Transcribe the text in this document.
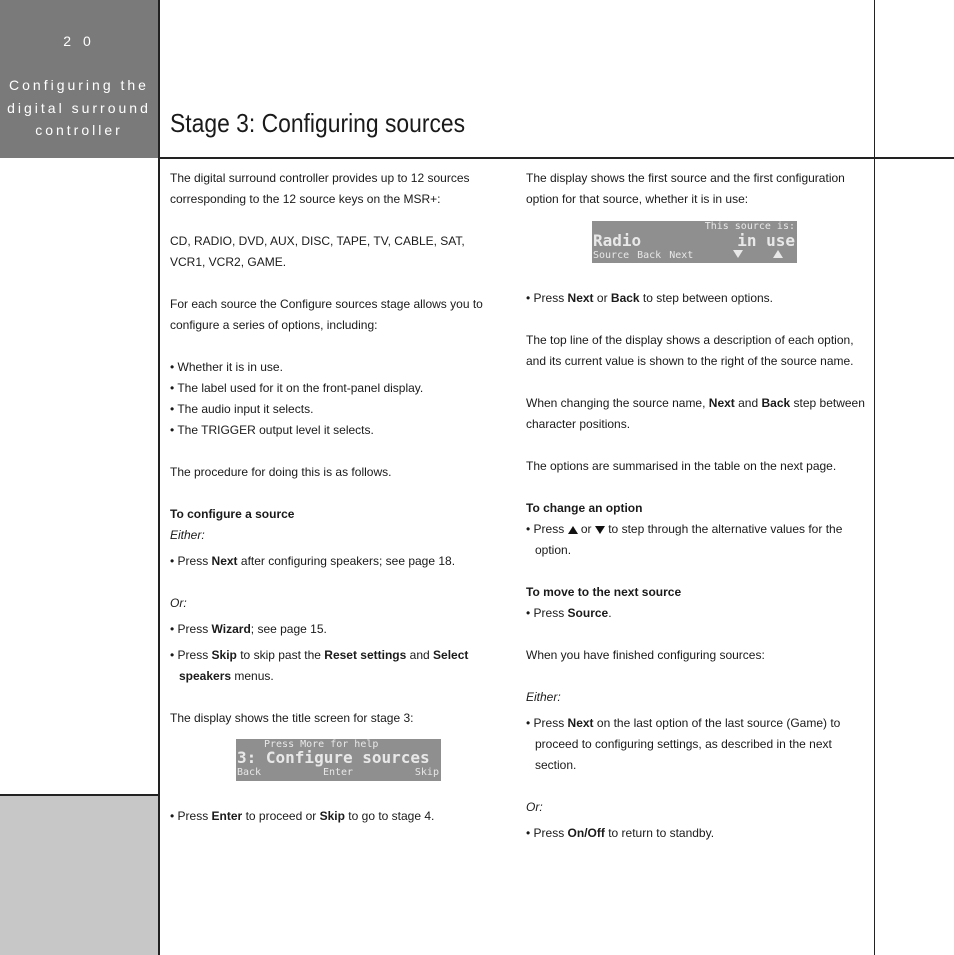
2 0
Configuring the
digital surround
controller	Stage 3: Configuring sources

The digital surround controller provides up to 12 sources corresponding to the 12 source keys on the MSR+:

CD, RADIO, DVD, AUX, DISC, TAPE, TV, CABLE, SAT, VCR1, VCR2, GAME.

For each source the Configure sources stage allows you to configure a series of options, including:

• Whether it is in use.

• The label used for it on the front-panel display.

• The audio input it selects.

• The TRIGGER output level it selects.

The procedure for doing this is as follows.

To configure a source

Either:

• Press Next after configuring speakers; see page 18.

Or:

• Press Wizard; see page 15.

• Press Skip to skip past the Reset settings and Select speakers menus.

The display shows the title screen for stage 3:

Press More for help
3: Configure sources
Back	Enter	Skip

• Press Enter to proceed or Skip to go to stage 4.

The display shows the first source and the first configuration option for that source, whether it is in use:

This source is:
Radio	in use
Source Back Next

• Press Next or Back to step between options.

The top line of the display shows a description of each option, and its current value is shown to the right of the source name.

When changing the source name, Next and Back step between character positions.

The options are summarised in the table on the next page.

To change an option

• Press  or  to step through the alternative values for the option.

To move to the next source

• Press Source.

When you have finished configuring sources:

Either:

• Press Next on the last option of the last source (Game) to proceed to configuring settings, as described in the next section.

Or:

• Press On/Off to return to standby.
